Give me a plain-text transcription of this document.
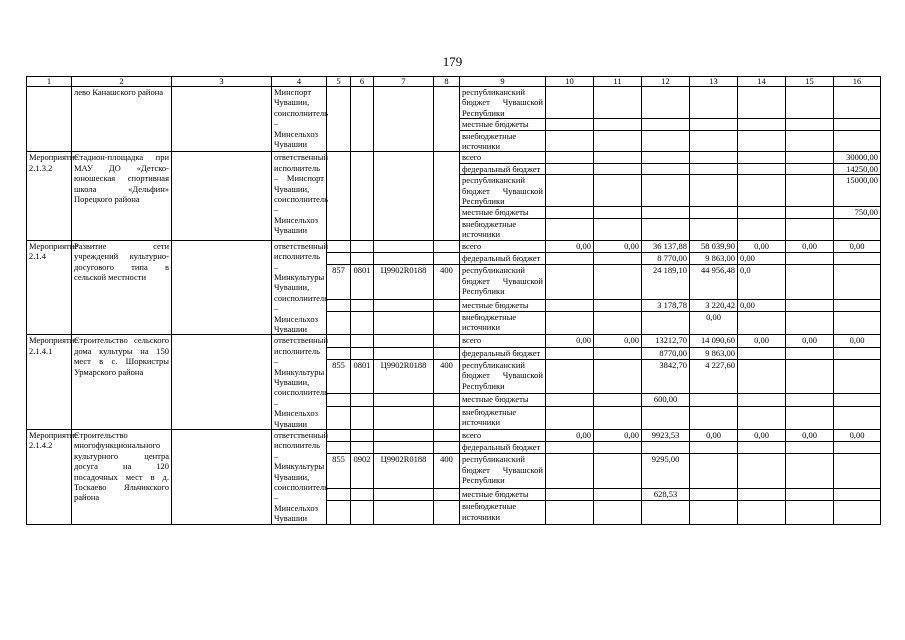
179
1	2	3	4	5	6	7	8	9	10	11	12	13	14	15	16
	лево Канашского района		Минспорт Чувашии, соисполнитель – Минсельхоз Чувашии					республиканский бюджет Чувашской Республики							
								местные бюджеты							
								внебюджетные источники							
Мероприятие 2.1.3.2	Стадион-площадка при МАУ ДО «Детско-юношеская спортивная школа «Дельфин» Порецкого района		ответственный исполнитель – Минспорт Чувашии, соисполнитель – Минсельхоз Чувашии					всего							30000,00
								федеральный бюджет							14250,00
								республиканский бюджет Чувашской Республики							15000,00
								местные бюджеты							750,00
								внебюджетные источники							
Мероприятие 2.1.4	Развитие сети учреждений культурно-досугового типа в сельской местности		ответственный исполнитель – Минкультуры Чувашии, соисполнитель – Минсельхоз Чувашии					всего	0,00	0,00	36 137,88	58 039,90	0,00	0,00	0,00
								федеральный бюджет			8 770,00	9 863,00	0,00		
				857	0801	Ц9902R0188	400	республиканский бюджет Чувашской Республики			24 189,10	44 956,48	0,0		
								местные бюджеты			3 178,78	3 220,42	0,00		
								внебюджетные источники				0,00			
Мероприятие 2.1.4.1	Строительство сельского дома культуры на 150 мест в с. Шоркистры Урмарского района		ответственный исполнитель – Минкультуры Чувашии, соисполнитель – Минсельхоз Чувашии					всего	0,00	0,00	13212,70	14 090,60	0,00	0,00	0,00
								федеральный бюджет			8770,00	9 863,00			
				855	0801	Ц9902R0188	400	республиканский бюджет Чувашской Республики			3842,70	4 227,60			
								местные бюджеты			600,00				
								внебюджетные источники							
Мероприятие 2.1.4.2	Строительство многофункционального культурного центра досуга на 120 посадочных мест в д. Тоскаево Яльчикского района		ответственный исполнитель – Минкультуры Чувашии, соисполнитель – Минсельхоз Чувашии					всего	0,00	0,00	9923,53	0,00	0,00	0,00	0,00
								федеральный бюджет							
				855	0902	Ц9902R0188	400	республиканский бюджет Чувашской Республики			9295,00				
								местные бюджеты			628,53				
								внебюджетные источники							
